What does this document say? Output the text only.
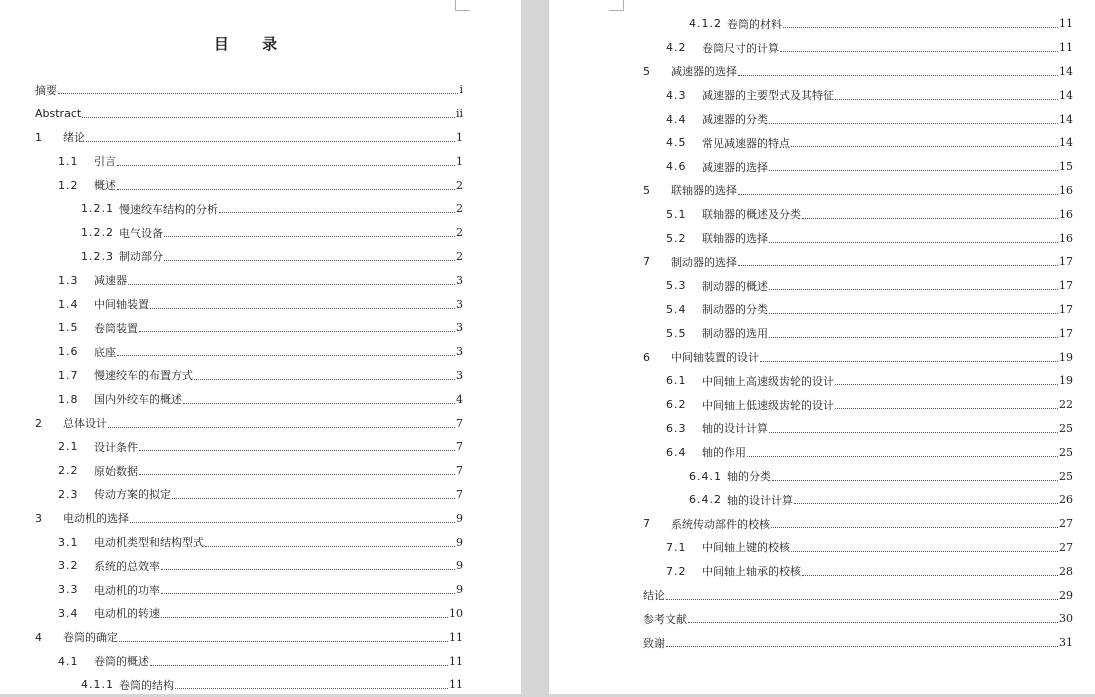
目 录
摘要	i
Abstract	ii
1	绪论	1
1.1	引言	1
1.2	概述	2
1.2.1 慢速绞车结构的分析	2
1.2.2 电气设备	2
1.2.3 制动部分	2
1.3	减速器	3
1.4	中间轴装置	3
1.5	卷筒装置	3
1.6	底座	3
1.7	慢速绞车的布置方式	3
1.8	国内外绞车的概述	4
2	总体设计	7
2.1	设计条件	7
2.2	原始数据	7
2.3	传动方案的拟定	7
3	电动机的选择	9
3.1	电动机类型和结构型式	9
3.2	系统的总效率	9
3.3	电动机的功率	9
3.4	电动机的转速	10
4	卷筒的确定	11
4.1	卷筒的概述	11
4.1.1 卷筒的结构	11
4.1.2 卷筒的材料	11
4.2	卷筒尺寸的计算	11
5	减速器的选择	14
4.3	减速器的主要型式及其特征	14
4.4	减速器的分类	14
4.5	常见减速器的特点	14
4.6	减速器的选择	15
5	联轴器的选择	16
5.1	联轴器的概述及分类	16
5.2	联轴器的选择	16
7	制动器的选择	17
5.3	制动器的概述	17
5.4	制动器的分类	17
5.5	制动器的选用	17
6	中间轴装置的设计	19
6.1	中间轴上高速级齿轮的设计	19
6.2	中间轴上低速级齿轮的设计	22
6.3	轴的设计计算	25
6.4	轴的作用	25
6.4.1 轴的分类	25
6.4.2 轴的设计计算	26
7	系统传动部件的校核	27
7.1	中间轴上键的校核	27
7.2	中间轴上轴承的校核	28
结论	29
参考文献	30
致谢	31
